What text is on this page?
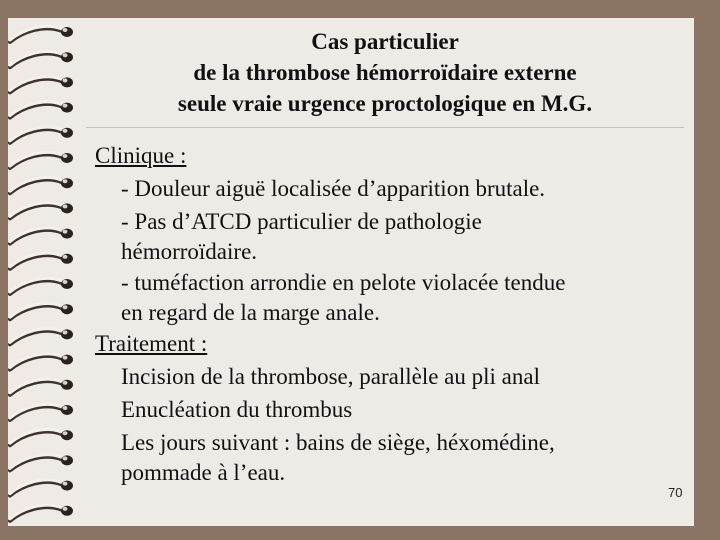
Cas particulier
de la thrombose hémorroïdaire externe
seule vraie urgence proctologique en M.G.
Clinique :
- Douleur aiguë localisée d’apparition brutale.
- Pas d’ATCD particulier de pathologie
hémorroïdaire.
- tuméfaction arrondie en pelote violacée tendue
en regard de la marge anale.
Traitement :
Incision de la thrombose, parallèle au pli anal
Enucléation du thrombus
Les jours suivant : bains de siège, héxomédine,
pommade à l’eau.
70
